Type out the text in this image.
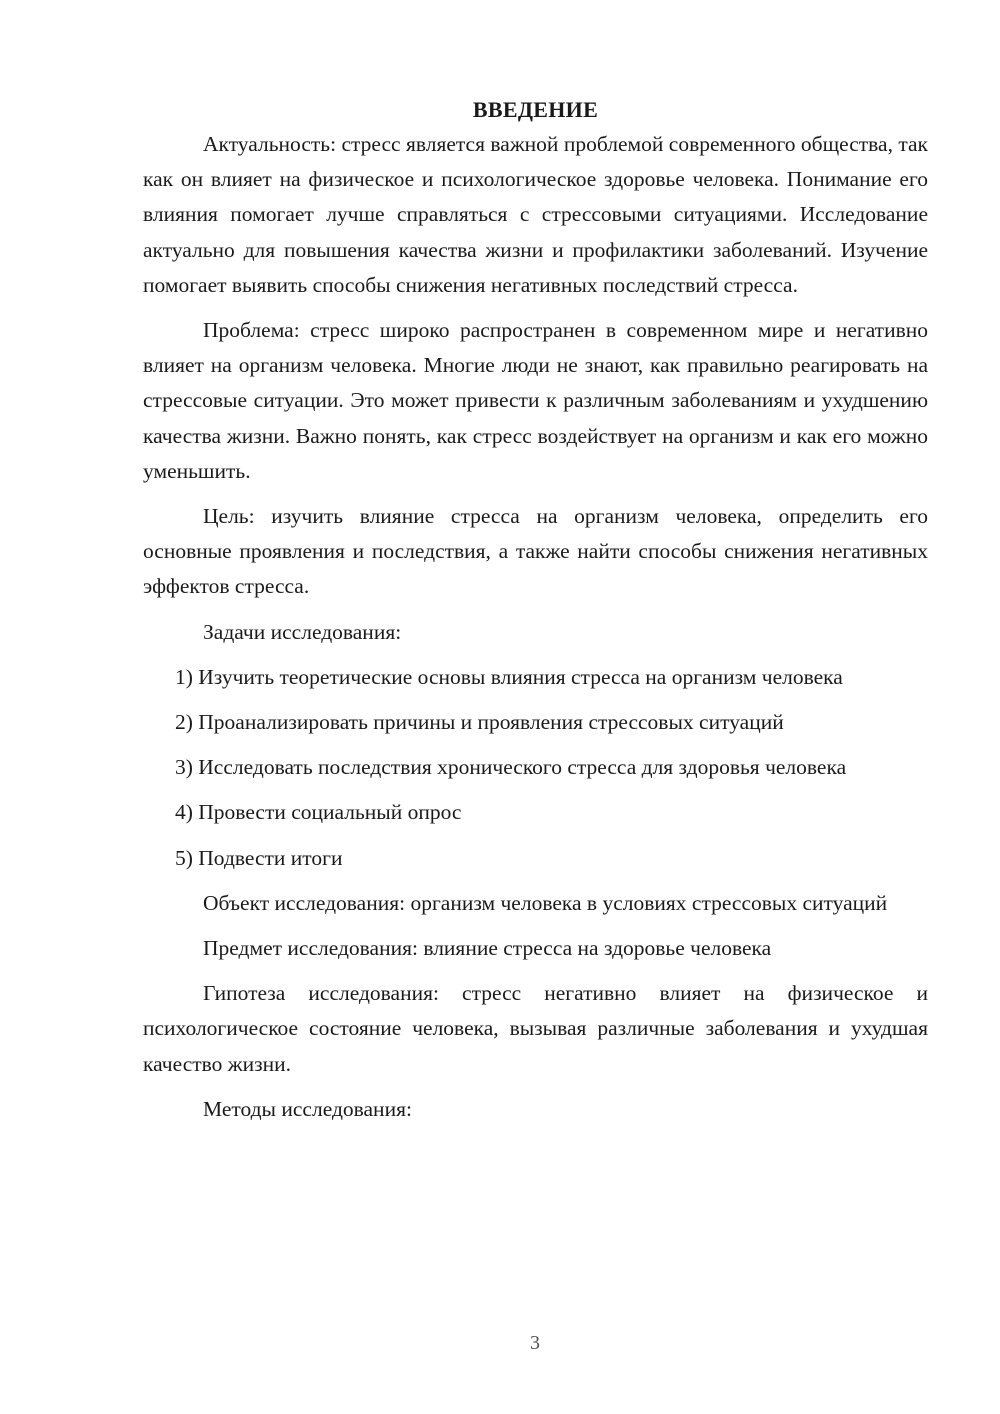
ВВЕДЕНИЕ

Актуальность: стресс является важной проблемой современного общества, так как он влияет на физическое и психологическое здоровье человека. Понимание его влияния помогает лучше справляться с стрессовыми ситуациями. Исследование актуально для повышения качества жизни и профилактики заболеваний. Изучение помогает выявить способы снижения негативных последствий стресса.

Проблема: стресс широко распространен в современном мире и негативно влияет на организм человека. Многие люди не знают, как правильно реагировать на стрессовые ситуации. Это может привести к различным заболеваниям и ухудшению качества жизни. Важно понять, как стресс воздействует на организм и как его можно уменьшить.

Цель: изучить влияние стресса на организм человека, определить его основные проявления и последствия, а также найти способы снижения негативных эффектов стресса.

Задачи исследования:

1) Изучить теоретические основы влияния стресса на организм человека

2) Проанализировать причины и проявления стрессовых ситуаций

3) Исследовать последствия хронического стресса для здоровья человека

4) Провести социальный опрос

5) Подвести итоги

Объект исследования: организм человека в условиях стрессовых ситуаций

Предмет исследования: влияние стресса на здоровье человека

Гипотеза исследования: стресс негативно влияет на физическое и психологическое состояние человека, вызывая различные заболевания и ухудшая качество жизни.

Методы исследования:

3
